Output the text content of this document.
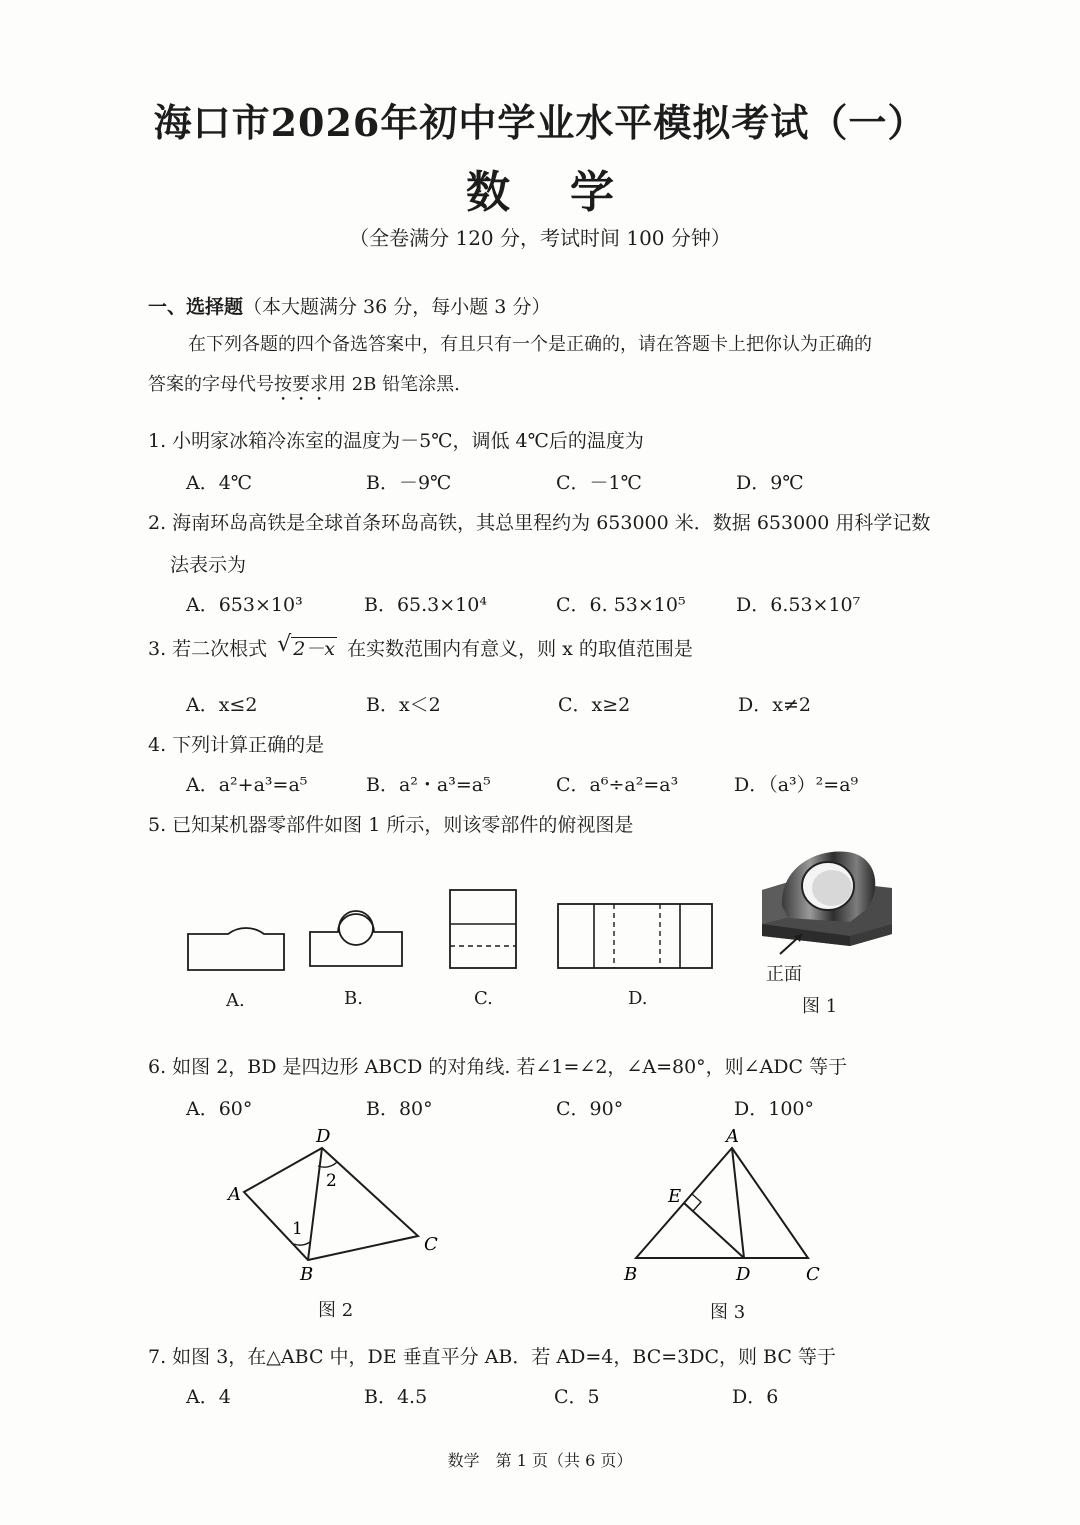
海口市2026年初中学业水平模拟考试（一）
数学
（全卷满分 120 分，考试时间 100 分钟）
一、选择题（本大题满分 36 分，每小题 3 分）
在下列各题的四个备选答案中，有且只有一个是正确的，请在答题卡上把你认为正确的
答案的字母代号按要求用 2B 铅笔涂黑.
1. 小明家冰箱冷冻室的温度为－5℃，调低 4℃后的温度为
A．4℃	B．－9℃	C．－1℃	D．9℃
2. 海南环岛高铁是全球首条环岛高铁，其总里程约为 653000 米．数据 653000 用科学记数
法表示为
A．653×10³	B．65.3×10⁴	C．6. 53×10⁵	D．6.53×10⁷
3. 若二次根式 √ 2－x 在实数范围内有意义，则 x 的取值范围是
A．x≤2	B．x＜2	C．x≥2	D．x≠2
4. 下列计算正确的是
A．a²+a³=a⁵	B．a²・a³=a⁵	C．a⁶÷a²=a³	D．（a³）²=a⁹
5. 已知某机器零部件如图 1 所示，则该零部件的俯视图是
A.	B.	C.	D.
正面
图 1
6. 如图 2，BD 是四边形 ABCD 的对角线. 若∠1=∠2，∠A=80°，则∠ADC 等于
A．60°	B．80°	C．90°	D．100°
D
A
B
C
1
2
图 2
A
E
B	D	C
图 3
7. 如图 3，在△ABC 中，DE 垂直平分 AB．若 AD=4，BC=3DC，则 BC 等于
A．4	B．4.5	C．5	D．6
数学　第 1 页（共 6 页）
